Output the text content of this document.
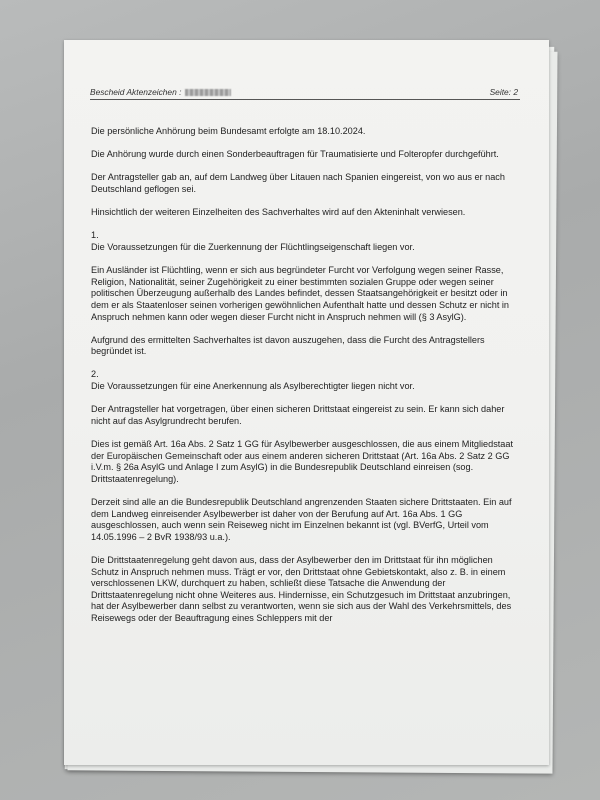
Bescheid Aktenzeichen :	Seite: 2

Die persönliche Anhörung beim Bundesamt erfolgte am 18.10.2024.

Die Anhörung wurde durch einen Sonderbeauftragen für Traumatisierte und Folteropfer durchgeführt.

Der Antragsteller gab an, auf dem Landweg über Litauen nach Spanien eingereist, von wo aus er nach Deutschland geflogen sei.

Hinsichtlich der weiteren Einzelheiten des Sachverhaltes wird auf den Akteninhalt verwiesen.

1.

Die Voraussetzungen für die Zuerkennung der Flüchtlingseigenschaft liegen vor.

Ein Ausländer ist Flüchtling, wenn er sich aus begründeter Furcht vor Verfolgung wegen seiner Rasse, Religion, Nationalität, seiner Zugehörigkeit zu einer bestimmten sozialen Gruppe oder wegen seiner politischen Überzeugung außerhalb des Landes befindet, dessen Staatsangehörigkeit er besitzt oder in dem er als Staatenloser seinen vorherigen gewöhnlichen Aufenthalt hatte und dessen Schutz er nicht in Anspruch nehmen kann oder wegen dieser Furcht nicht in Anspruch nehmen will (§ 3 AsylG).

Aufgrund des ermittelten Sachverhaltes ist davon auszugehen, dass die Furcht des Antragstellers begründet ist.

2.

Die Voraussetzungen für eine Anerkennung als Asylberechtigter liegen nicht vor.

Der Antragsteller hat vorgetragen, über einen sicheren Drittstaat eingereist zu sein. Er kann sich daher nicht auf das Asylgrundrecht berufen.

Dies ist gemäß Art. 16a Abs. 2 Satz 1 GG für Asylbewerber ausgeschlossen, die aus einem Mitgliedstaat der Europäischen Gemeinschaft oder aus einem anderen sicheren Drittstaat (Art. 16a Abs. 2 Satz 2 GG i.V.m. § 26a AsylG und Anlage I zum AsylG) in die Bundesrepublik Deutschland einreisen (sog. Drittstaatenregelung).

Derzeit sind alle an die Bundesrepublik Deutschland angrenzenden Staaten sichere Drittstaaten. Ein auf dem Landweg einreisender Asylbewerber ist daher von der Berufung auf Art. 16a Abs. 1 GG ausgeschlossen, auch wenn sein Reiseweg nicht im Einzelnen bekannt ist (vgl. BVerfG, Urteil vom 14.05.1996 – 2 BvR 1938/93 u.a.).

Die Drittstaatenregelung geht davon aus, dass der Asylbewerber den im Drittstaat für ihn möglichen Schutz in Anspruch nehmen muss. Trägt er vor, den Drittstaat ohne Gebietskontakt, also z. B. in einem verschlossenen LKW, durchquert zu haben, schließt diese Tatsache die Anwendung der Drittstaatenregelung nicht ohne Weiteres aus. Hindernisse, ein Schutzgesuch im Drittstaat anzubringen, hat der Asylbewerber dann selbst zu verantworten, wenn sie sich aus der Wahl des Verkehrsmittels, des Reisewegs oder der Beauftragung eines Schleppers mit der
